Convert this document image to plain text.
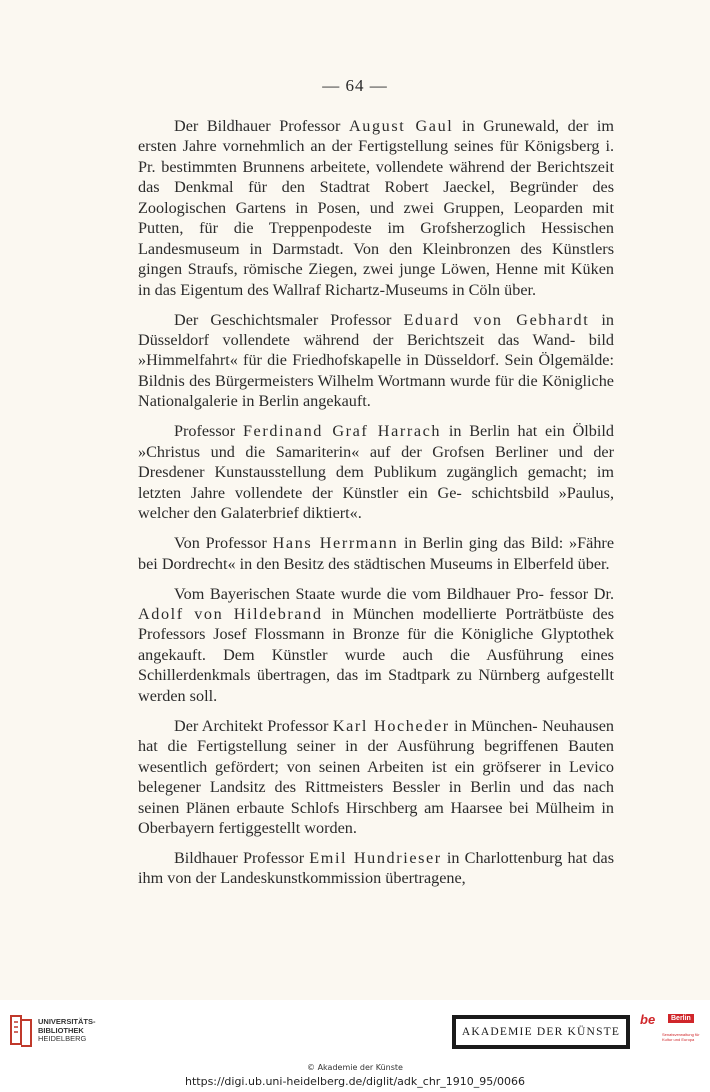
— 64 —

Der Bildhauer Professor August Gaul in Grunewald, der im ersten Jahre vornehmlich an der Fertigstellung seines für Königsberg i. Pr. bestimmten Brunnens arbeitete, vollendete während der Berichtszeit das Denkmal für den Stadtrat Robert Jaeckel, Begründer des Zoologischen Gartens in Posen, und zwei Gruppen, Leoparden mit Putten, für die Treppenpodeste im Grofsherzoglich Hessischen Landesmuseum in Darmstadt. Von den Kleinbronzen des Künstlers gingen Straufs, römische Ziegen, zwei junge Löwen, Henne mit Küken in das Eigentum des Wallraf Richartz-Museums in Cöln über.

Der Geschichtsmaler Professor Eduard von Gebhardt in Düsseldorf vollendete während der Berichtszeit das Wand- bild »Himmelfahrt« für die Friedhofskapelle in Düsseldorf. Sein Ölgemälde: Bildnis des Bürgermeisters Wilhelm Wortmann wurde für die Königliche Nationalgalerie in Berlin angekauft.

Professor Ferdinand Graf Harrach in Berlin hat ein Ölbild »Christus und die Samariterin« auf der Grofsen Berliner und der Dresdener Kunstausstellung dem Publikum zugänglich gemacht; im letzten Jahre vollendete der Künstler ein Ge- schichtsbild »Paulus, welcher den Galaterbrief diktiert«.

Von Professor Hans Herrmann in Berlin ging das Bild: »Fähre bei Dordrecht« in den Besitz des städtischen Museums in Elberfeld über.

Vom Bayerischen Staate wurde die vom Bildhauer Pro- fessor Dr. Adolf von Hildebrand in München modellierte Porträtbüste des Professors Josef Flossmann in Bronze für die Königliche Glyptothek angekauft. Dem Künstler wurde auch die Ausführung eines Schillerdenkmals übertragen, das im Stadtpark zu Nürnberg aufgestellt werden soll.

Der Architekt Professor Karl Hocheder in München- Neuhausen hat die Fertigstellung seiner in der Ausführung begriffenen Bauten wesentlich gefördert; von seinen Arbeiten ist ein gröfserer in Levico belegener Landsitz des Rittmeisters Bessler in Berlin und das nach seinen Plänen erbaute Schlofs Hirschberg am Haarsee bei Mülheim in Oberbayern fertiggestellt worden.

Bildhauer Professor Emil Hundrieser in Charlottenburg hat das ihm von der Landeskunstkommission übertragene,

UNIVERSITÄTS-
BIBLIOTHEK
HEIDELBERG
AKADEMIE DER KÜNSTE
be	Berlin
Senatsverwaltung für Kultur und Europa
© Akademie der Künste
https://digi.ub.uni-heidelberg.de/diglit/adk_chr_1910_95/0066
